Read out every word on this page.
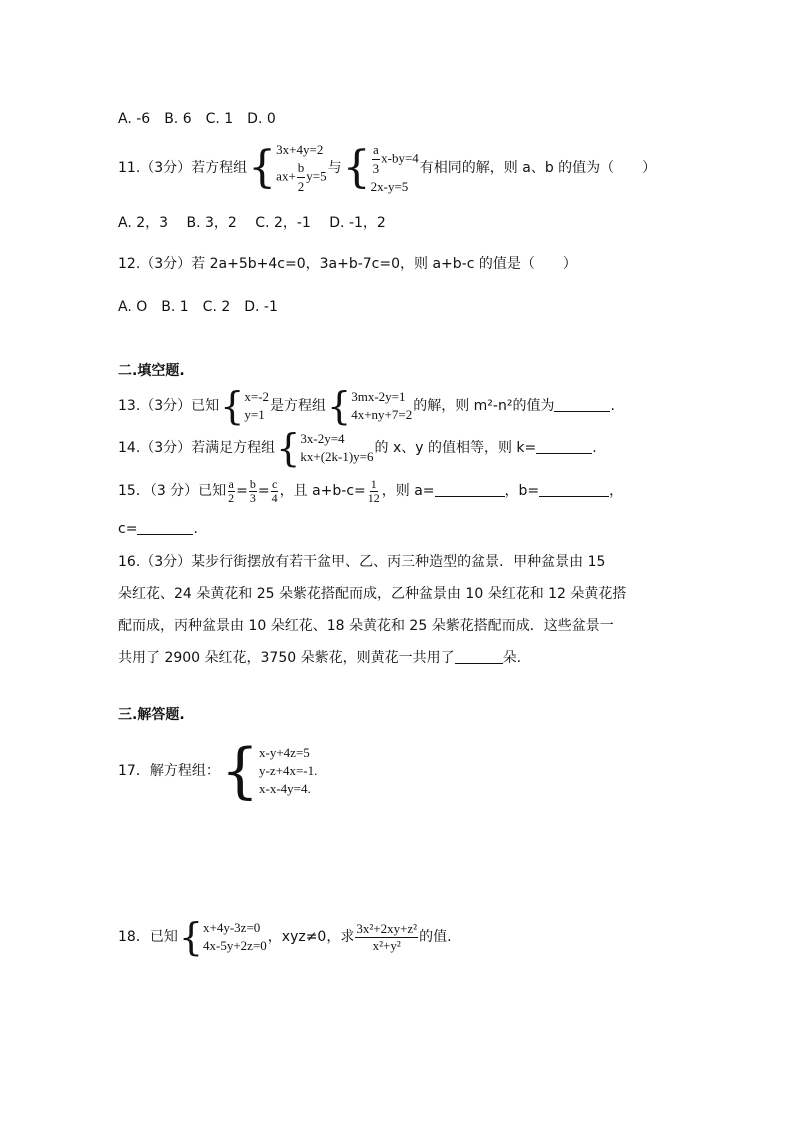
A. -6　B. 6　C. 1　D. 0
11.（3分）若方程组 { 3x+4y=2
$ax+ \frac{b}{2} y=5$ 与 { $\frac{a}{3} x-by=4$
2x-y=5
有相同的解，则 a、b 的值为（　　）
A. 2，3　 B. 3，2　 C. 2，-1　 D. -1，2
12.（3分）若 2a+5b+4c=0，3a+b-7c=0，则 a+b-c 的值是（　　）
A. O　B. 1　C. 2　D. -1
二.填空题.
13.（3分）已知 { x=-2
y=1
是方程组 { 3mx-2y=1
4x+ny+7=2
的解，则 m²-n²的值为	.
14.（3分）若满足方程组 { 3x-2y=4
kx+(2k-1)y=6
的 x、y 的值相等，则 k=	.
15．（3 分）已知 $\frac{a}{2} = \frac{b}{3} = \frac{c}{4}$ ，且 $a+b-c= \frac{1}{12}$ ，则 a=	，b=	，
c=	.
16.（3分）某步行街摆放有若干盆甲、乙、丙三种造型的盆景．甲种盆景由 15
朵红花、24 朵黄花和 25 朵紫花搭配而成，乙种盆景由 10 朵红花和 12 朵黄花搭
配而成，丙种盆景由 10 朵红花、18 朵黄花和 25 朵紫花搭配而成．这些盆景一
共用了 2900 朵红花，3750 朵紫花，则黄花一共用了	朵.
三.解答题.
17．解方程组： { x-y+4z=5
y-z+4x=-1.
x-x-4y=4.
18．已知 { x+4y-3z=0
4x-5y+2z=0
，xyz≠0，求 $\frac{\text{3x²+2xy+z²}}{\text{x²+y²}}$ 的值.
